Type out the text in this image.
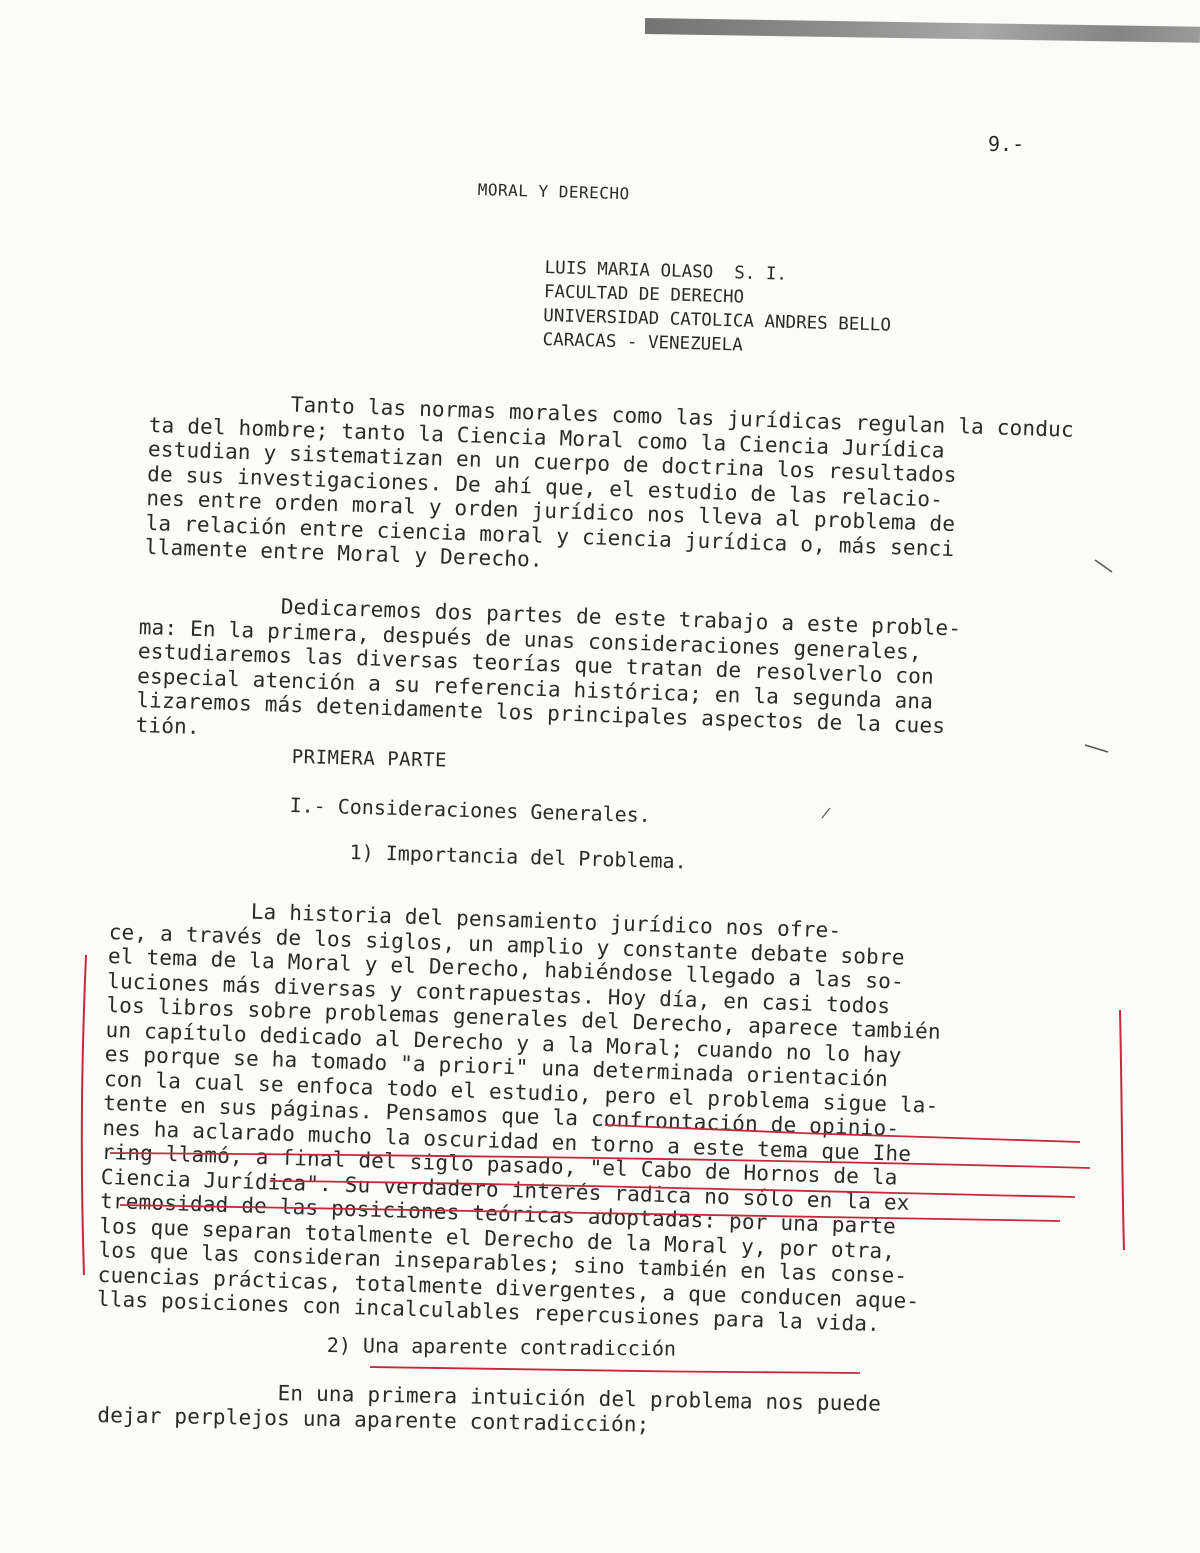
9.-
MORAL Y DERECHO
LUIS MARIA OLASO  S. I.
FACULTAD DE DERECHO
UNIVERSIDAD CATOLICA ANDRES BELLO
CARACAS - VENEZUELA
Tanto las normas morales como las jurídicas regulan la conduc
ta del hombre; tanto la Ciencia Moral como la Ciencia Jurídica
estudian y sistematizan en un cuerpo de doctrina los resultados
de sus investigaciones. De ahí que, el estudio de las relacio-
nes entre orden moral y orden jurídico nos lleva al problema de
la relación entre ciencia moral y ciencia jurídica o, más senci
llamente entre Moral y Derecho.
Dedicaremos dos partes de este trabajo a este proble-
ma: En la primera, después de unas consideraciones generales,
estudiaremos las diversas teorías que tratan de resolverlo con
especial atención a su referencia histórica; en la segunda ana
lizaremos más detenidamente los principales aspectos de la cues
tión.
PRIMERA PARTE
I.- Consideraciones Generales.
1) Importancia del Problema.
La historia del pensamiento jurídico nos ofre-
ce, a través de los siglos, un amplio y constante debate sobre
el tema de la Moral y el Derecho, habiéndose llegado a las so-
luciones más diversas y contrapuestas. Hoy día, en casi todos
los libros sobre problemas generales del Derecho, aparece también
un capítulo dedicado al Derecho y a la Moral; cuando no lo hay
es porque se ha tomado "a priori" una determinada orientación
con la cual se enfoca todo el estudio, pero el problema sigue la-
tente en sus páginas. Pensamos que la confrontación de opinio-
nes ha aclarado mucho la oscuridad en torno a este tema que Ihe
ring llamó, a final del siglo pasado, "el Cabo de Hornos de la
Ciencia Jurídica". Su verdadero interés radica no sólo en la ex
tremosidad de las posiciones teóricas adoptadas: por una parte
los que separan totalmente el Derecho de la Moral y, por otra,
los que las consideran inseparables; sino también en las conse-
cuencias prácticas, totalmente divergentes, a que conducen aque-
llas posiciones con incalculables repercusiones para la vida.
2) Una aparente contradicción
En una primera intuición del problema nos puede
dejar perplejos una aparente contradicción;
